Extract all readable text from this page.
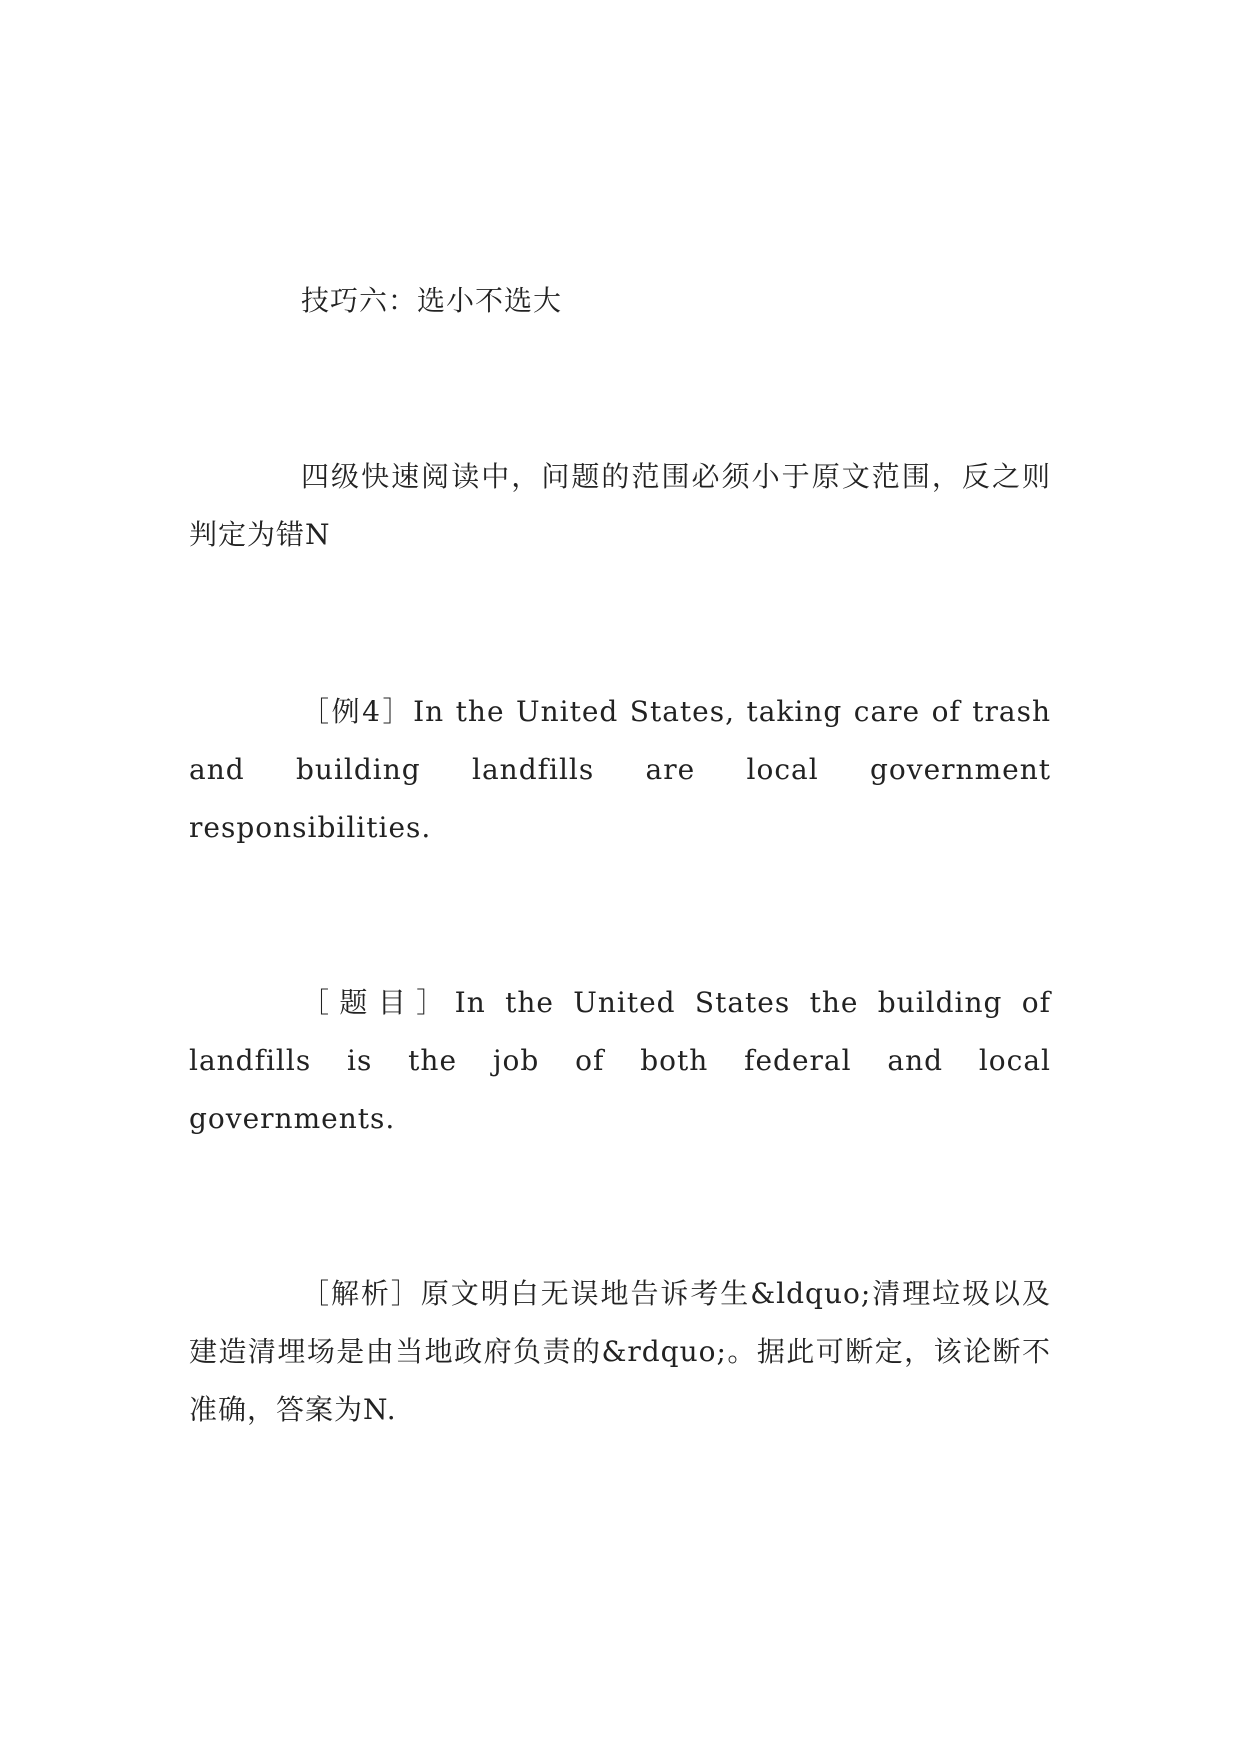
技巧六：选小不选大

四级快速阅读中，问题的范围必须小于原文范围，反之则判定为错N

［例4］In the United States, taking care of trash and building landfills are local government responsibilities.

［题目］In the United States the building of landfills is the job of both federal and local governments.

［解析］原文明白无误地告诉考生&ldquo;清理垃圾以及建造清埋场是由当地政府负责的&rdquo;。据此可断定，该论断不准确，答案为N.
